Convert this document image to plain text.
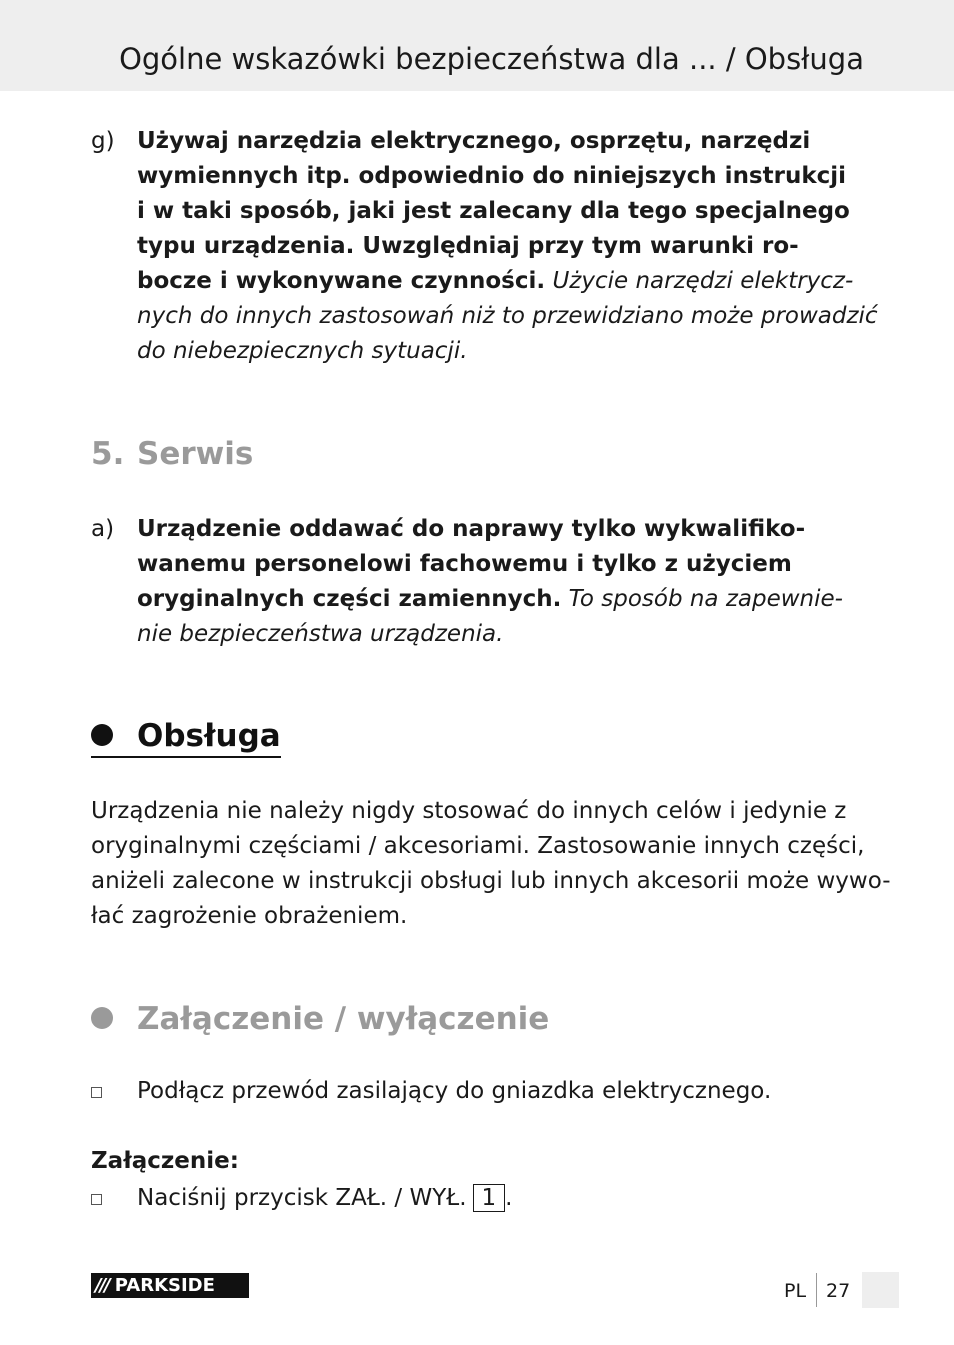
Ogólne wskazówki bezpieczeństwa dla ... / Obsługa
g) Używaj narzędzia elektrycznego, osprzętu, narzędzi
wymiennych itp. odpowiednio do niniejszych instrukcji
i w taki sposób, jaki jest zalecany dla tego specjalnego
typu urządzenia. Uwzględniaj przy tym warunki ro-
bocze i wykonywane czynności. Użycie narzędzi elektrycz-
nych do innych zastosowań niż to przewidziano może prowadzić
do niebezpiecznych sytuacji.
5. Serwis
a) Urządzenie oddawać do naprawy tylko wykwalifiko-
wanemu personelowi fachowemu i tylko z użyciem
oryginalnych części zamiennych. To sposób na zapewnie-
nie bezpieczeństwa urządzenia.
Obsługa
Urządzenia nie należy nigdy stosować do innych celów i jedynie z
oryginalnymi częściami / akcesoriami. Zastosowanie innych części,
aniżeli zalecone w instrukcji obsługi lub innych akcesorii może wywo-
łać zagrożenie obrażeniem.
Załączenie / wyłączenie
Podłącz przewód zasilający do gniazdka elektrycznego.
Załączenie:
Naciśnij przycisk ZAŁ. / WYŁ. 1 .
/// PARKSIDE	PL 27
